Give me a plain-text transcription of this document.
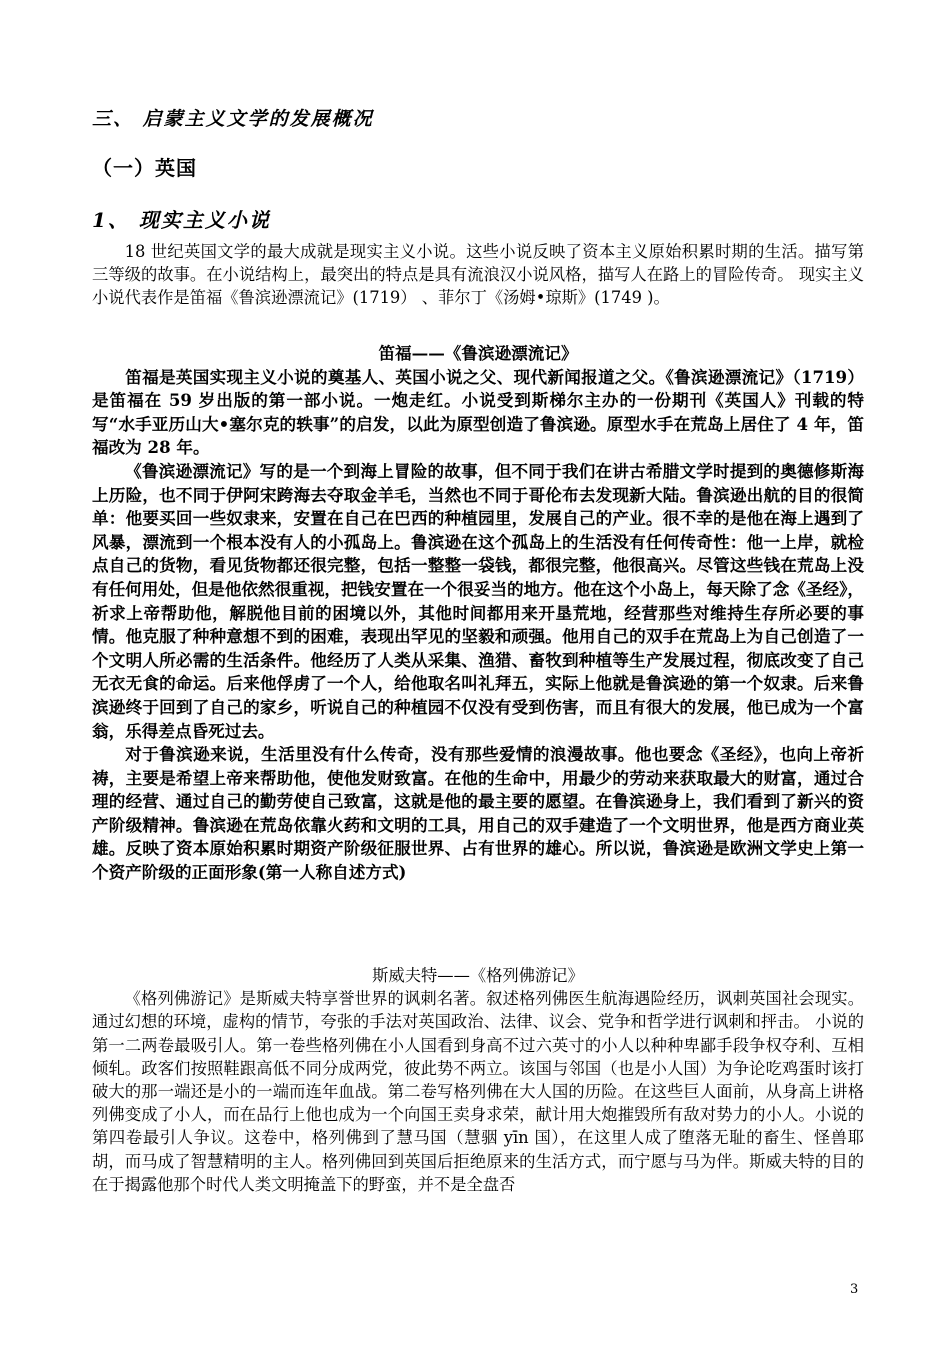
三、 启蒙主义文学的发展概况
（一）英国
1、 现实主义小说

18 世纪英国文学的最大成就是现实主义小说。这些小说反映了资本主义原始积累时期的生活。描写第三等级的故事。在小说结构上，最突出的特点是具有流浪汉小说风格，描写人在路上的冒险传奇。 现实主义小说代表作是笛福《鲁滨逊漂流记》(1719） 、菲尔丁《汤姆•琼斯》(1749 )。

笛福——《鲁滨逊漂流记》

笛福是英国实现主义小说的奠基人、英国小说之父、现代新闻报道之父。《鲁滨逊漂流记》（1719）是笛福在 59 岁出版的第一部小说。一炮走红。小说受到斯梯尔主办的一份期刊《英国人》刊载的特写“水手亚历山大•塞尔克的轶事”的启发，以此为原型创造了鲁滨逊。原型水手在荒岛上居住了 4 年，笛福改为 28 年。

《鲁滨逊漂流记》写的是一个到海上冒险的故事，但不同于我们在讲古希腊文学时提到的奥德修斯海上历险，也不同于伊阿宋跨海去夺取金羊毛，当然也不同于哥伦布去发现新大陆。鲁滨逊出航的目的很简单：他要买回一些奴隶来，安置在自己在巴西的种植园里，发展自己的产业。很不幸的是他在海上遇到了风暴，漂流到一个根本没有人的小孤岛上。鲁滨逊在这个孤岛上的生活没有任何传奇性：他一上岸，就检点自己的货物，看见货物都还很完整，包括一整整一袋钱，都很完整，他很高兴。尽管这些钱在荒岛上没有任何用处，但是他依然很重视，把钱安置在一个很妥当的地方。他在这个小岛上，每天除了念《圣经》，祈求上帝帮助他，解脱他目前的困境以外，其他时间都用来开垦荒地，经营那些对维持生存所必要的事情。他克服了种种意想不到的困难，表现出罕见的坚毅和顽强。他用自己的双手在荒岛上为自己创造了一个文明人所必需的生活条件。他经历了人类从采集、渔猎、畜牧到种植等生产发展过程，彻底改变了自己无衣无食的命运。后来他俘虏了一个人，给他取名叫礼拜五，实际上他就是鲁滨逊的第一个奴隶。后来鲁滨逊终于回到了自己的家乡，听说自己的种植园不仅没有受到伤害，而且有很大的发展，他已成为一个富翁，乐得差点昏死过去。

对于鲁滨逊来说，生活里没有什么传奇，没有那些爱情的浪漫故事。他也要念《圣经》，也向上帝祈祷，主要是希望上帝来帮助他，使他发财致富。在他的生命中，用最少的劳动来获取最大的财富，通过合理的经营、通过自己的勤劳使自己致富，这就是他的最主要的愿望。在鲁滨逊身上，我们看到了新兴的资产阶级精神。鲁滨逊在荒岛依靠火药和文明的工具，用自己的双手建造了一个文明世界，他是西方商业英雄。反映了资本原始积累时期资产阶级征服世界、占有世界的雄心。所以说，鲁滨逊是欧洲文学史上第一个资产阶级的正面形象(第一人称自述方式)

斯威夫特——《格列佛游记》

《格列佛游记》是斯威夫特享誉世界的讽刺名著。叙述格列佛医生航海遇险经历，讽刺英国社会现实。通过幻想的环境，虚构的情节，夸张的手法对英国政治、法律、议会、党争和哲学进行讽刺和抨击。 小说的第一二两卷最吸引人。第一卷些格列佛在小人国看到身高不过六英寸的小人以种种卑鄙手段争权夺利、互相倾轧。政客们按照鞋跟高低不同分成两党，彼此势不两立。该国与邻国（也是小人国）为争论吃鸡蛋时该打破大的那一端还是小的一端而连年血战。第二卷写格列佛在大人国的历险。在这些巨人面前，从身高上讲格列佛变成了小人，而在品行上他也成为一个向国王卖身求荣，献计用大炮摧毁所有敌对势力的小人。小说的第四卷最引人争议。这卷中，格列佛到了慧马国（慧骃 yīn 国），在这里人成了堕落无耻的畜生、怪兽耶胡，而马成了智慧精明的主人。格列佛回到英国后拒绝原来的生活方式，而宁愿与马为伴。斯威夫特的目的在于揭露他那个时代人类文明掩盖下的野蛮，并不是全盘否

3
